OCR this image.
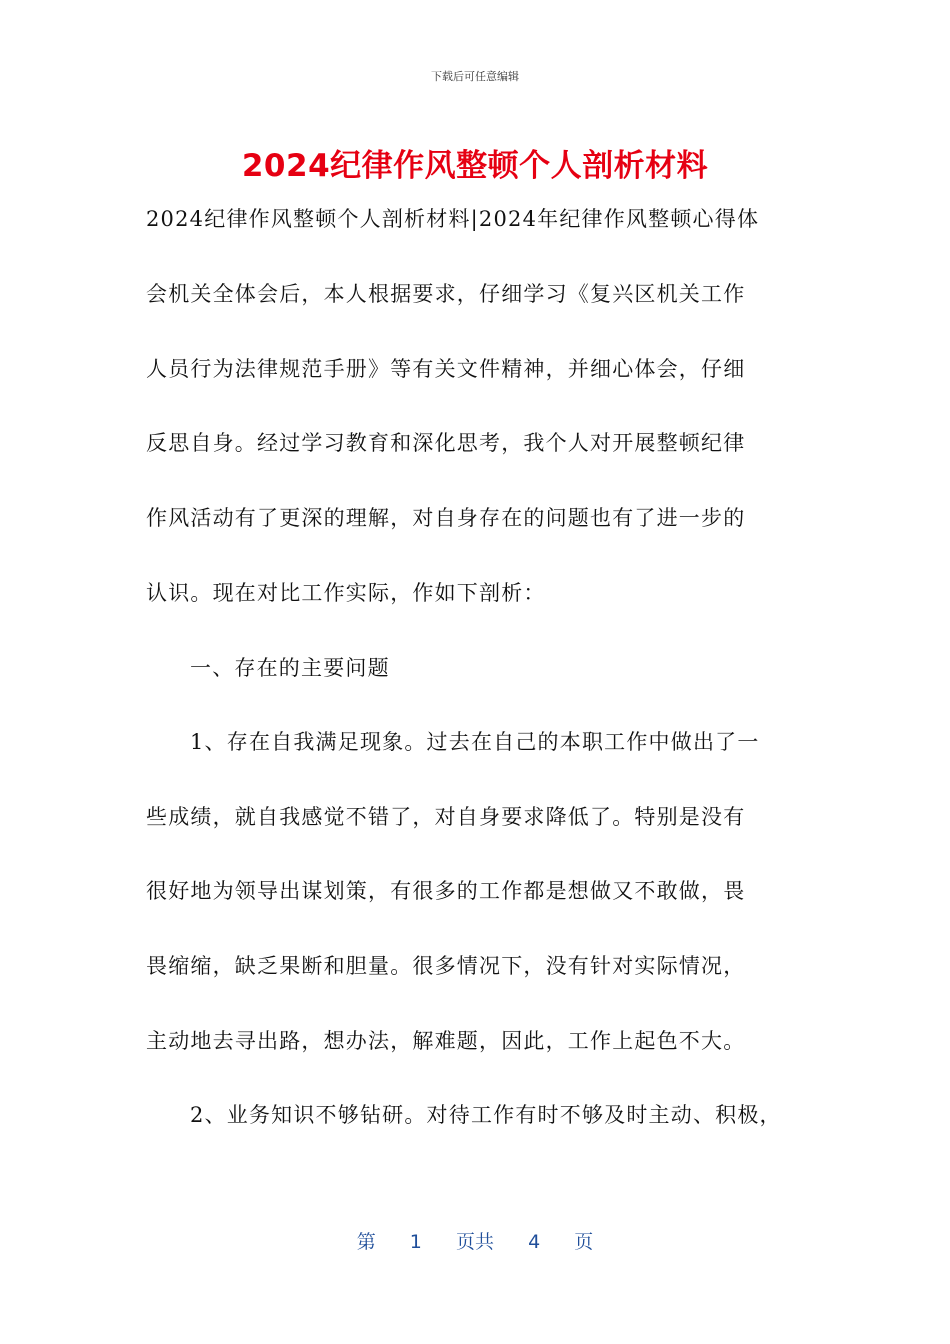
下载后可任意编辑
2024纪律作风整顿个人剖析材料
2024纪律作风整顿个人剖析材料|2024年纪律作风整顿心得体
会机关全体会后，本人根据要求，仔细学习《复兴区机关工作
人员行为法律规范手册》等有关文件精神，并细心体会，仔细
反思自身。经过学习教育和深化思考，我个人对开展整顿纪律
作风活动有了更深的理解，对自身存在的问题也有了进一步的
认识。现在对比工作实际，作如下剖析：
一、存在的主要问题
1、存在自我满足现象。过去在自己的本职工作中做出了一
些成绩，就自我感觉不错了，对自身要求降低了。特别是没有
很好地为领导出谋划策，有很多的工作都是想做又不敢做，畏
畏缩缩，缺乏果断和胆量。很多情况下，没有针对实际情况，
主动地去寻出路，想办法，解难题，因此，工作上起色不大。
2、业务知识不够钻研。对待工作有时不够及时主动、积极，
第 1 页共 4 页
